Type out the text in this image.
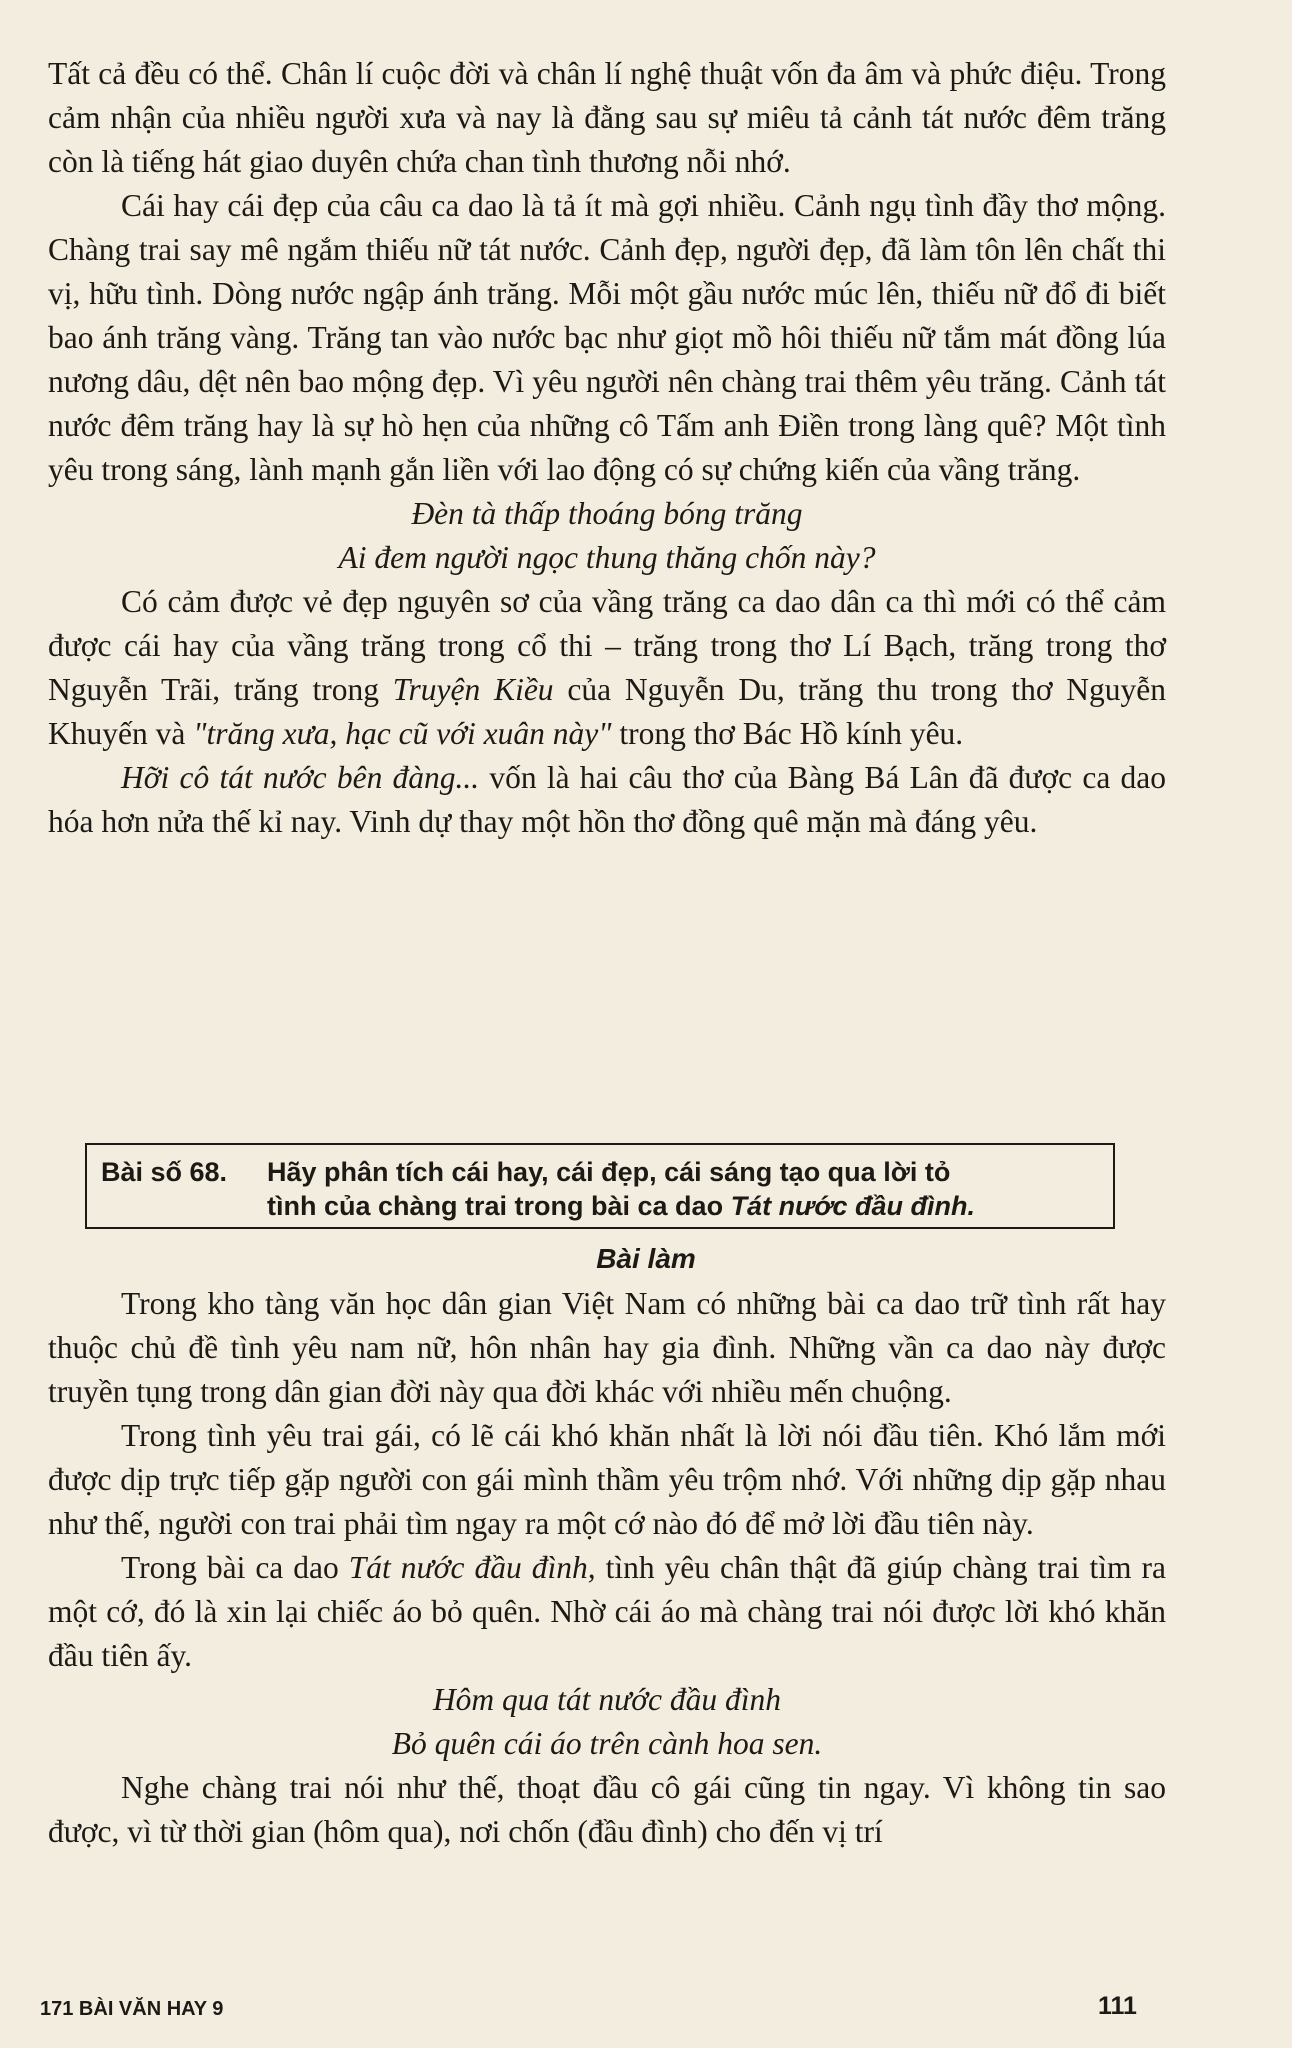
Tất cả đều có thể. Chân lí cuộc đời và chân lí nghệ thuật vốn đa âm và phức điệu. Trong cảm nhận của nhiều người xưa và nay là đằng sau sự miêu tả cảnh tát nước đêm trăng còn là tiếng hát giao duyên chứa chan tình thương nỗi nhớ.

Cái hay cái đẹp của câu ca dao là tả ít mà gợi nhiều. Cảnh ngụ tình đầy thơ mộng. Chàng trai say mê ngắm thiếu nữ tát nước. Cảnh đẹp, người đẹp, đã làm tôn lên chất thi vị, hữu tình. Dòng nước ngập ánh trăng. Mỗi một gầu nước múc lên, thiếu nữ đổ đi biết bao ánh trăng vàng. Trăng tan vào nước bạc như giọt mồ hôi thiếu nữ tắm mát đồng lúa nương dâu, dệt nên bao mộng đẹp. Vì yêu người nên chàng trai thêm yêu trăng. Cảnh tát nước đêm trăng hay là sự hò hẹn của những cô Tấm anh Điền trong làng quê? Một tình yêu trong sáng, lành mạnh gắn liền với lao động có sự chứng kiến của vầng trăng.

Đèn tà thấp thoáng bóng trăng
Ai đem người ngọc thung thăng chốn này?

Có cảm được vẻ đẹp nguyên sơ của vầng trăng ca dao dân ca thì mới có thể cảm được cái hay của vầng trăng trong cổ thi – trăng trong thơ Lí Bạch, trăng trong thơ Nguyễn Trãi, trăng trong Truyện Kiều của Nguyễn Du, trăng thu trong thơ Nguyễn Khuyến và "trăng xưa, hạc cũ với xuân này" trong thơ Bác Hồ kính yêu.

Hỡi cô tát nước bên đàng... vốn là hai câu thơ của Bàng Bá Lân đã được ca dao hóa hơn nửa thế kỉ nay. Vinh dự thay một hồn thơ đồng quê mặn mà đáng yêu.

Bài số 68. Hãy phân tích cái hay, cái đẹp, cái sáng tạo qua lời tỏ
tình của chàng trai trong bài ca dao Tát nước đầu đình.
Bài làm

Trong kho tàng văn học dân gian Việt Nam có những bài ca dao trữ tình rất hay thuộc chủ đề tình yêu nam nữ, hôn nhân hay gia đình. Những vần ca dao này được truyền tụng trong dân gian đời này qua đời khác với nhiều mến chuộng.

Trong tình yêu trai gái, có lẽ cái khó khăn nhất là lời nói đầu tiên. Khó lắm mới được dịp trực tiếp gặp người con gái mình thầm yêu trộm nhớ. Với những dịp gặp nhau như thế, người con trai phải tìm ngay ra một cớ nào đó để mở lời đầu tiên này.

Trong bài ca dao Tát nước đầu đình, tình yêu chân thật đã giúp chàng trai tìm ra một cớ, đó là xin lại chiếc áo bỏ quên. Nhờ cái áo mà chàng trai nói được lời khó khăn đầu tiên ấy.

Hôm qua tát nước đầu đình
Bỏ quên cái áo trên cành hoa sen.

Nghe chàng trai nói như thế, thoạt đầu cô gái cũng tin ngay. Vì không tin sao được, vì từ thời gian (hôm qua), nơi chốn (đầu đình) cho đến vị trí

171 BÀI VĂN HAY 9	111
